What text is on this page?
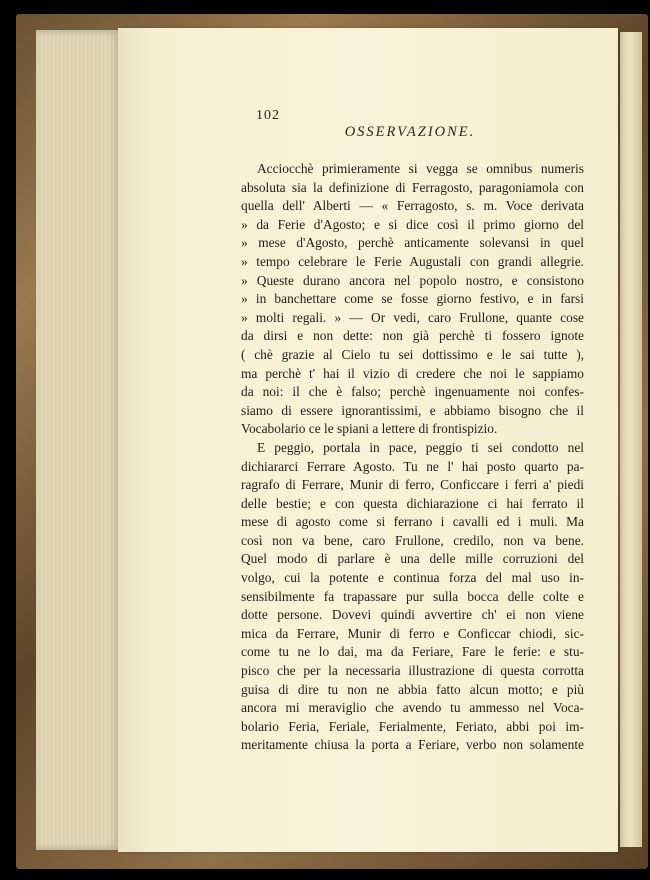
102
OSSERVAZIONE.
Acciocchè primieramente si vegga se omnibus numeris
absoluta sia la definizione di Ferragosto, paragoniamola con
quella dell' Alberti — « Ferragosto, s. m. Voce derivata
» da Ferie d'Agosto; e si dice così il primo giorno del
» mese d'Agosto, perchè anticamente solevansi in quel
» tempo celebrare le Ferie Augustali con grandi allegrie.
» Queste durano ancora nel popolo nostro, e consistono
» in banchettare come se fosse giorno festivo, e in farsi
» molti regali. » — Or vedi, caro Frullone, quante cose
da dirsi e non dette: non già perchè ti fossero ignote
( chè grazie al Cielo tu sei dottissimo e le sai tutte ),
ma perchè t' hai il vizio di credere che noi le sappiamo
da noi: il che è falso; perchè ingenuamente noi confes-
siamo di essere ignorantissimi, e abbiamo bisogno che il
Vocabolario ce le spiani a lettere di frontispizio.
E peggio, portala in pace, peggio ti sei condotto nel
dichiararci Ferrare Agosto. Tu ne l' hai posto quarto pa-
ragrafo di Ferrare, Munir di ferro, Conficcare i ferri a' piedi
delle bestie; e con questa dichiarazione ci hai ferrato il
mese di agosto come si ferrano i cavalli ed i muli. Ma
così non va bene, caro Frullone, credilo, non va bene.
Quel modo di parlare è una delle mille corruzioni del
volgo, cui la potente e continua forza del mal uso in-
sensibilmente fa trapassare pur sulla bocca delle colte e
dotte persone. Dovevi quindi avvertire ch' ei non viene
mica da Ferrare, Munir di ferro e Conficcar chiodi, sic-
come tu ne lo dai, ma da Feriare, Fare le ferie: e stu-
pisco che per la necessaria illustrazione di questa corrotta
guisa di dire tu non ne abbia fatto alcun motto; e più
ancora mi meraviglio che avendo tu ammesso nel Voca-
bolario Feria, Feriale, Ferialmente, Feriato, abbi poi im-
meritamente chiusa la porta a Feriare, verbo non solamente
